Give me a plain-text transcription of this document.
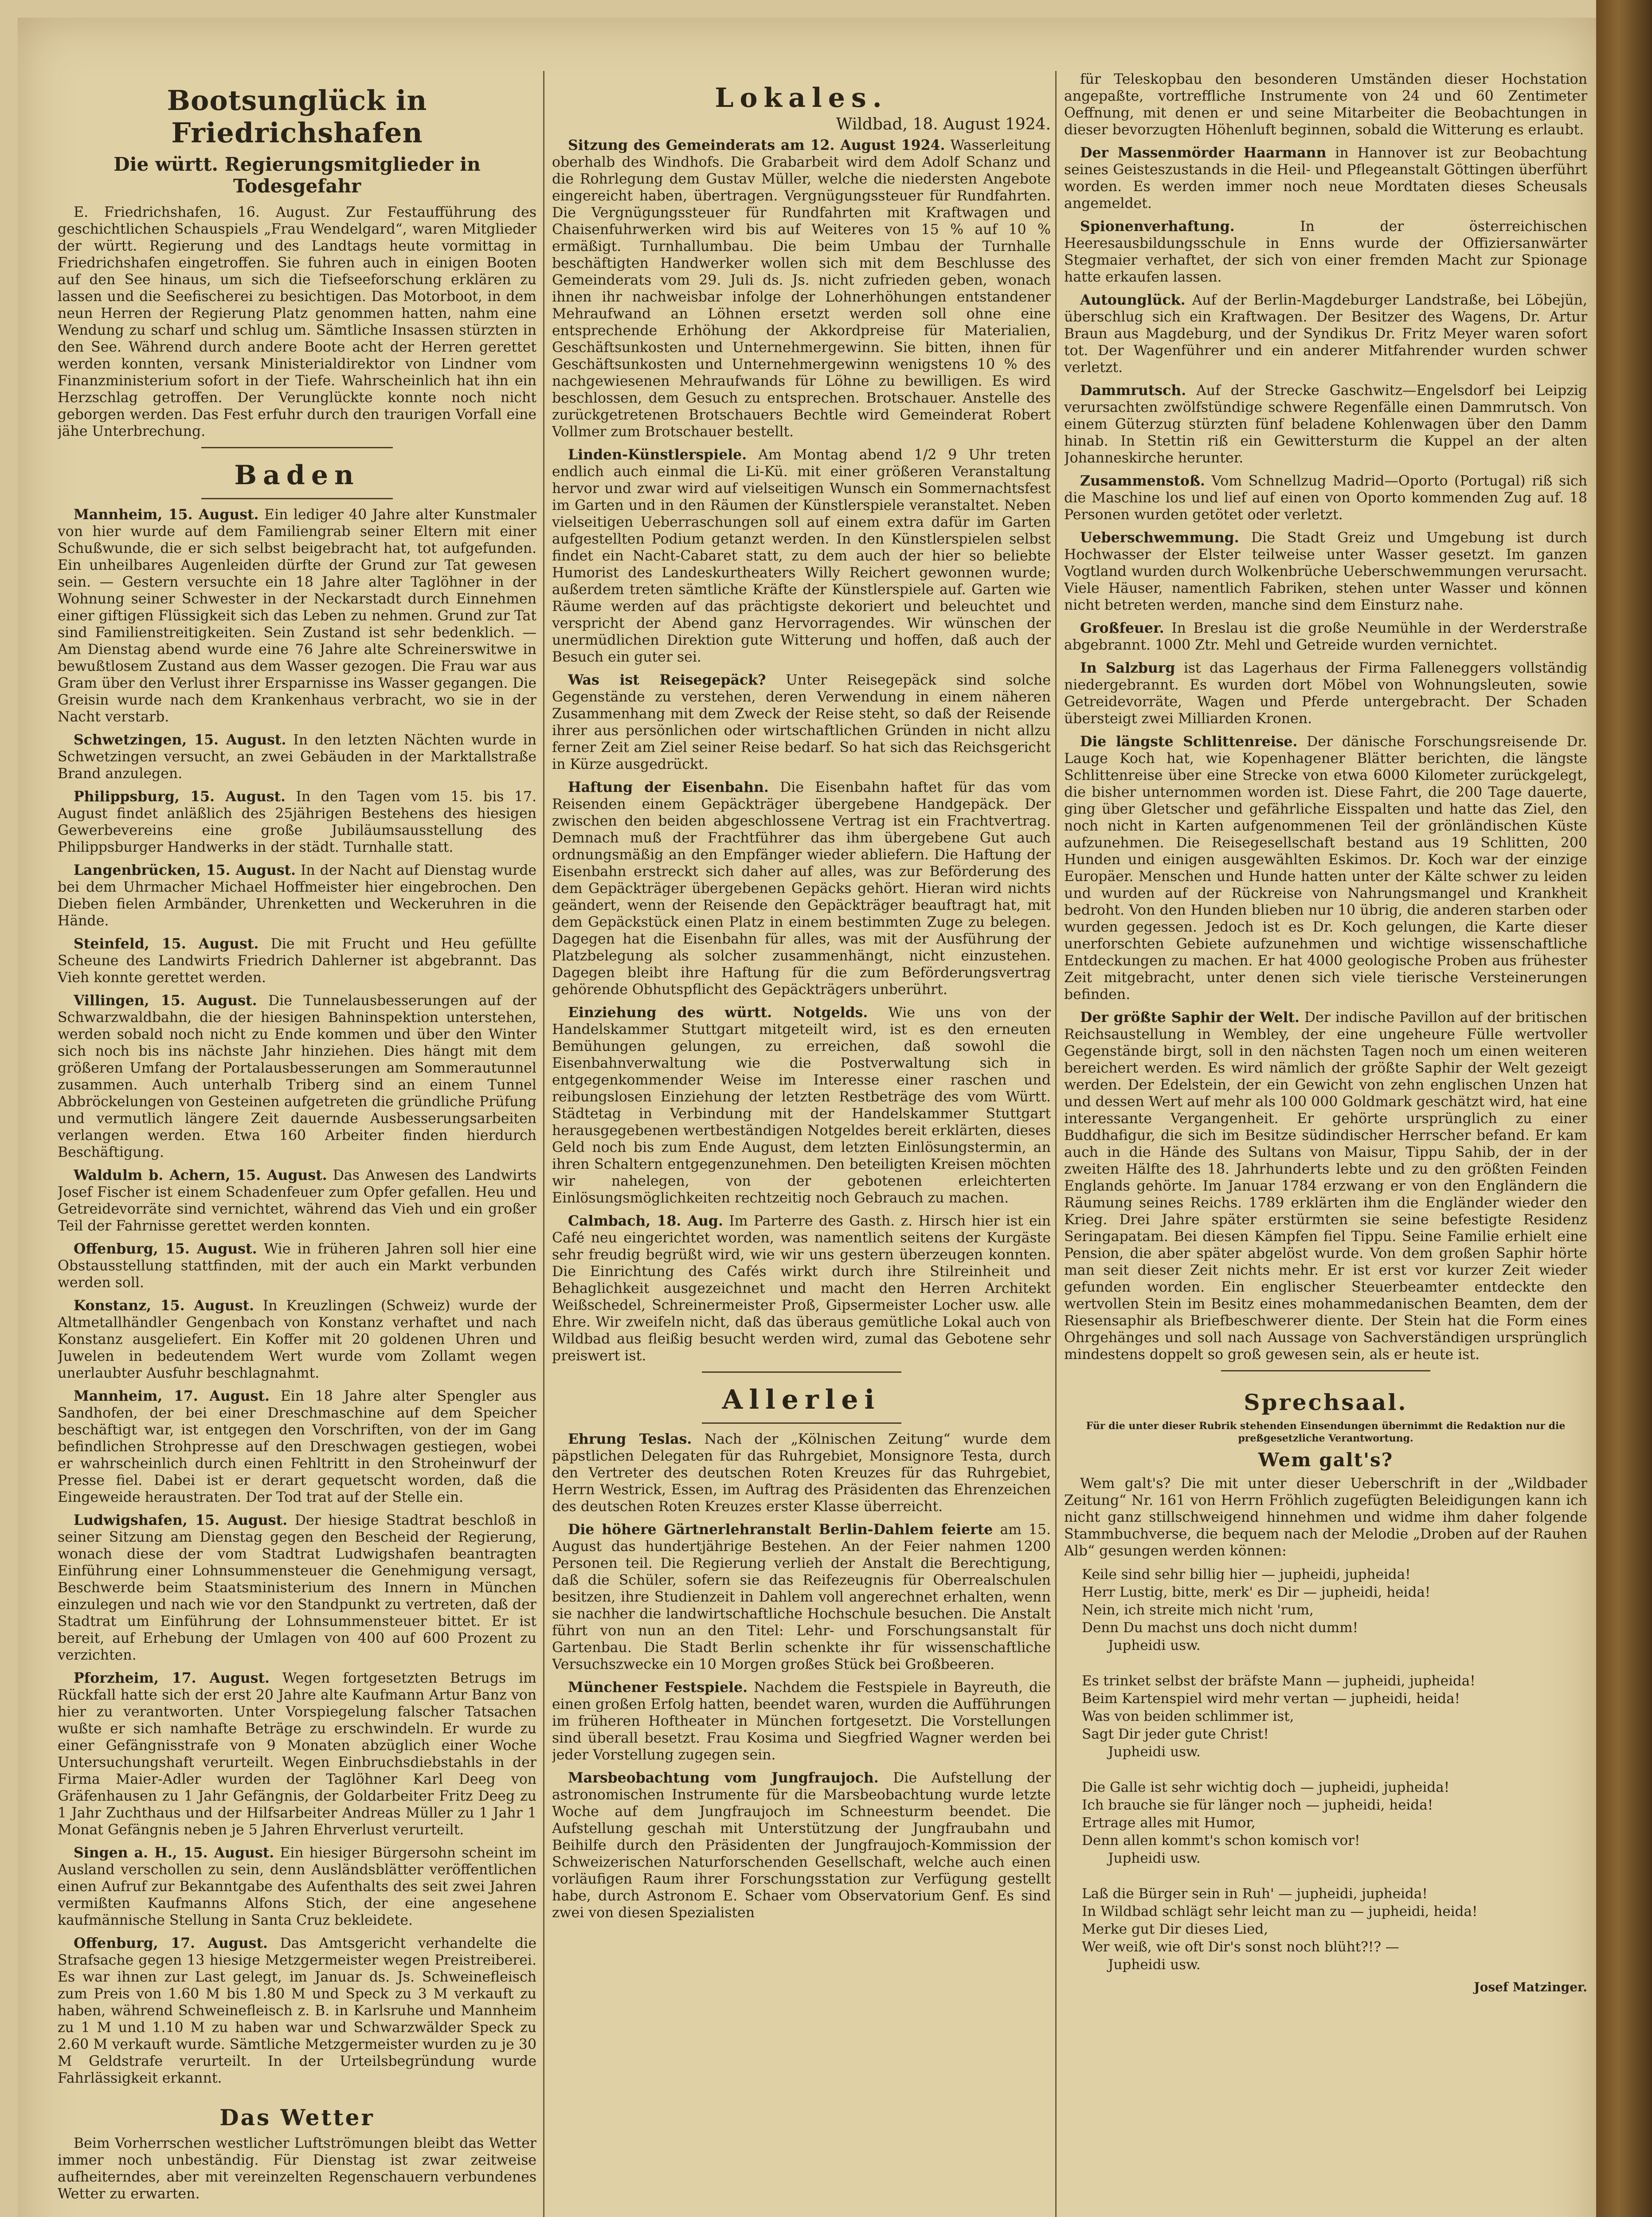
Bootsunglück in Friedrichshafen
Die württ. Regierungsmitglieder in Todesgefahr

E. Friedrichshafen, 16. August. Zur Festaufführung des geschichtlichen Schauspiels „Frau Wendelgard“, waren Mitglieder der württ. Regierung und des Landtags heute vormittag in Friedrichshafen eingetroffen. Sie fuhren auch in einigen Booten auf den See hinaus, um sich die Tiefseeforschung erklären zu lassen und die Seefischerei zu besichtigen. Das Motorboot, in dem neun Herren der Regierung Platz genommen hatten, nahm eine Wendung zu scharf und schlug um. Sämtliche Insassen stürzten in den See. Während durch andere Boote acht der Herren gerettet werden konnten, versank Ministerialdirektor von Lindner vom Finanzministerium sofort in der Tiefe. Wahrscheinlich hat ihn ein Herzschlag getroffen. Der Verunglückte konnte noch nicht geborgen werden. Das Fest erfuhr durch den traurigen Vorfall eine jähe Unterbrechung.

Baden

Mannheim, 15. August. Ein lediger 40 Jahre alter Kunstmaler von hier wurde auf dem Familiengrab seiner Eltern mit einer Schußwunde, die er sich selbst beigebracht hat, tot aufgefunden. Ein unheilbares Augenleiden dürfte der Grund zur Tat gewesen sein. — Gestern versuchte ein 18 Jahre alter Taglöhner in der Wohnung seiner Schwester in der Neckarstadt durch Einnehmen einer giftigen Flüssigkeit sich das Leben zu nehmen. Grund zur Tat sind Familienstreitigkeiten. Sein Zustand ist sehr bedenklich. — Am Dienstag abend wurde eine 76 Jahre alte Schreinerswitwe in bewußtlosem Zustand aus dem Wasser gezogen. Die Frau war aus Gram über den Verlust ihrer Ersparnisse ins Wasser gegangen. Die Greisin wurde nach dem Krankenhaus verbracht, wo sie in der Nacht verstarb.

Schwetzingen, 15. August. In den letzten Nächten wurde in Schwetzingen versucht, an zwei Gebäuden in der Marktallstraße Brand anzulegen.

Philippsburg, 15. August. In den Tagen vom 15. bis 17. August findet anläßlich des 25jährigen Bestehens des hiesigen Gewerbevereins eine große Jubiläumsausstellung des Philippsburger Handwerks in der städt. Turnhalle statt.

Langenbrücken, 15. August. In der Nacht auf Dienstag wurde bei dem Uhrmacher Michael Hoffmeister hier eingebrochen. Den Dieben fielen Armbänder, Uhrenketten und Weckeruhren in die Hände.

Steinfeld, 15. August. Die mit Frucht und Heu gefüllte Scheune des Landwirts Friedrich Dahlerner ist abgebrannt. Das Vieh konnte gerettet werden.

Villingen, 15. August. Die Tunnelausbesserungen auf der Schwarzwaldbahn, die der hiesigen Bahninspektion unterstehen, werden sobald noch nicht zu Ende kommen und über den Winter sich noch bis ins nächste Jahr hinziehen. Dies hängt mit dem größeren Umfang der Portalausbesserungen am Sommerautunnel zusammen. Auch unterhalb Triberg sind an einem Tunnel Abbröckelungen von Gesteinen aufgetreten die gründliche Prüfung und vermutlich längere Zeit dauernde Ausbesserungsarbeiten verlangen werden. Etwa 160 Arbeiter finden hierdurch Beschäftigung.

Waldulm b. Achern, 15. August. Das Anwesen des Landwirts Josef Fischer ist einem Schadenfeuer zum Opfer gefallen. Heu und Getreidevorräte sind vernichtet, während das Vieh und ein großer Teil der Fahrnisse gerettet werden konnten.

Offenburg, 15. August. Wie in früheren Jahren soll hier eine Obstausstellung stattfinden, mit der auch ein Markt verbunden werden soll.

Konstanz, 15. August. In Kreuzlingen (Schweiz) wurde der Altmetallhändler Gengenbach von Konstanz verhaftet und nach Konstanz ausgeliefert. Ein Koffer mit 20 goldenen Uhren und Juwelen in bedeutendem Wert wurde vom Zollamt wegen unerlaubter Ausfuhr beschlagnahmt.

Mannheim, 17. August. Ein 18 Jahre alter Spengler aus Sandhofen, der bei einer Dreschmaschine auf dem Speicher beschäftigt war, ist entgegen den Vorschriften, von der im Gang befindlichen Strohpresse auf den Dreschwagen gestiegen, wobei er wahrscheinlich durch einen Fehltritt in den Stroheinwurf der Presse fiel. Dabei ist er derart gequetscht worden, daß die Eingeweide heraustraten. Der Tod trat auf der Stelle ein.

Ludwigshafen, 15. August. Der hiesige Stadtrat beschloß in seiner Sitzung am Dienstag gegen den Bescheid der Regierung, wonach diese der vom Stadtrat Ludwigshafen beantragten Einführung einer Lohnsummensteuer die Genehmigung versagt, Beschwerde beim Staatsministerium des Innern in München einzulegen und nach wie vor den Standpunkt zu vertreten, daß der Stadtrat um Einführung der Lohnsummensteuer bittet. Er ist bereit, auf Erhebung der Umlagen von 400 auf 600 Prozent zu verzichten.

Pforzheim, 17. August. Wegen fortgesetzten Betrugs im Rückfall hatte sich der erst 20 Jahre alte Kaufmann Artur Banz von hier zu verantworten. Unter Vorspiegelung falscher Tatsachen wußte er sich namhafte Beträge zu erschwindeln. Er wurde zu einer Gefängnisstrafe von 9 Monaten abzüglich einer Woche Untersuchungshaft verurteilt. Wegen Einbruchsdiebstahls in der Firma Maier-Adler wurden der Taglöhner Karl Deeg von Gräfenhausen zu 1 Jahr Gefängnis, der Goldarbeiter Fritz Deeg zu 1 Jahr Zuchthaus und der Hilfsarbeiter Andreas Müller zu 1 Jahr 1 Monat Gefängnis neben je 5 Jahren Ehrverlust verurteilt.

Singen a. H., 15. August. Ein hiesiger Bürgersohn scheint im Ausland verschollen zu sein, denn Ausländsblätter veröffentlichen einen Aufruf zur Bekanntgabe des Aufenthalts des seit zwei Jahren vermißten Kaufmanns Alfons Stich, der eine angesehene kaufmännische Stellung in Santa Cruz bekleidete.

Offenburg, 17. August. Das Amtsgericht verhandelte die Strafsache gegen 13 hiesige Metzgermeister wegen Preistreiberei. Es war ihnen zur Last gelegt, im Januar ds. Js. Schweinefleisch zum Preis von 1.60 M bis 1.80 M und Speck zu 3 M verkauft zu haben, während Schweinefleisch z. B. in Karlsruhe und Mannheim zu 1 M und 1.10 M zu haben war und Schwarzwälder Speck zu 2.60 M verkauft wurde. Sämtliche Metzgermeister wurden zu je 30 M Geldstrafe verurteilt. In der Urteilsbegründung wurde Fahrlässigkeit erkannt.

Das Wetter

Beim Vorherrschen westlicher Luftströmungen bleibt das Wetter immer noch unbeständig. Für Dienstag ist zwar zeitweise aufheiterndes, aber mit vereinzelten Regenschauern verbundenes Wetter zu erwarten.

Lokales.
Wildbad, 18. August 1924.

Sitzung des Gemeinderats am 12. August 1924. Wasserleitung oberhalb des Windhofs. Die Grabarbeit wird dem Adolf Schanz und die Rohrlegung dem Gustav Müller, welche die niedersten Angebote eingereicht haben, übertragen. Vergnügungssteuer für Rundfahrten. Die Vergnügungssteuer für Rundfahrten mit Kraftwagen und Chaisenfuhrwerken wird bis auf Weiteres von 15 % auf 10 % ermäßigt. Turnhallumbau. Die beim Umbau der Turnhalle beschäftigten Handwerker wollen sich mit dem Beschlusse des Gemeinderats vom 29. Juli ds. Js. nicht zufrieden geben, wonach ihnen ihr nachweisbar infolge der Lohnerhöhungen entstandener Mehraufwand an Löhnen ersetzt werden soll ohne eine entsprechende Erhöhung der Akkordpreise für Materialien, Geschäftsunkosten und Unternehmergewinn. Sie bitten, ihnen für Geschäftsunkosten und Unternehmergewinn wenigstens 10 % des nachgewiesenen Mehraufwands für Löhne zu bewilligen. Es wird beschlossen, dem Gesuch zu entsprechen. Brotschauer. Anstelle des zurückgetretenen Brotschauers Bechtle wird Gemeinderat Robert Vollmer zum Brotschauer bestellt.

Linden-Künstlerspiele. Am Montag abend 1/2 9 Uhr treten endlich auch einmal die Li-Kü. mit einer größeren Veranstaltung hervor und zwar wird auf vielseitigen Wunsch ein Sommernachtsfest im Garten und in den Räumen der Künstlerspiele veranstaltet. Neben vielseitigen Ueberraschungen soll auf einem extra dafür im Garten aufgestellten Podium getanzt werden. In den Künstlerspielen selbst findet ein Nacht-Cabaret statt, zu dem auch der hier so beliebte Humorist des Landeskurtheaters Willy Reichert gewonnen wurde; außerdem treten sämtliche Kräfte der Künstlerspiele auf. Garten wie Räume werden auf das prächtigste dekoriert und beleuchtet und verspricht der Abend ganz Hervorragendes. Wir wünschen der unermüdlichen Direktion gute Witterung und hoffen, daß auch der Besuch ein guter sei.

Was ist Reisegepäck? Unter Reisegepäck sind solche Gegenstände zu verstehen, deren Verwendung in einem näheren Zusammenhang mit dem Zweck der Reise steht, so daß der Reisende ihrer aus persönlichen oder wirtschaftlichen Gründen in nicht allzu ferner Zeit am Ziel seiner Reise bedarf. So hat sich das Reichsgericht in Kürze ausgedrückt.

Haftung der Eisenbahn. Die Eisenbahn haftet für das vom Reisenden einem Gepäckträger übergebene Handgepäck. Der zwischen den beiden abgeschlossene Vertrag ist ein Frachtvertrag. Demnach muß der Frachtführer das ihm übergebene Gut auch ordnungsmäßig an den Empfänger wieder abliefern. Die Haftung der Eisenbahn erstreckt sich daher auf alles, was zur Beförderung des dem Gepäckträger übergebenen Gepäcks gehört. Hieran wird nichts geändert, wenn der Reisende den Gepäckträger beauftragt hat, mit dem Gepäckstück einen Platz in einem bestimmten Zuge zu belegen. Dagegen hat die Eisenbahn für alles, was mit der Ausführung der Platzbelegung als solcher zusammenhängt, nicht einzustehen. Dagegen bleibt ihre Haftung für die zum Beförderungsvertrag gehörende Obhutspflicht des Gepäckträgers unberührt.

Einziehung des württ. Notgelds. Wie uns von der Handelskammer Stuttgart mitgeteilt wird, ist es den erneuten Bemühungen gelungen, zu erreichen, daß sowohl die Eisenbahnverwaltung wie die Postverwaltung sich in entgegenkommender Weise im Interesse einer raschen und reibungslosen Einziehung der letzten Restbeträge des vom Württ. Städtetag in Verbindung mit der Handelskammer Stuttgart herausgegebenen wertbeständigen Notgeldes bereit erklärten, dieses Geld noch bis zum Ende August, dem letzten Einlösungstermin, an ihren Schaltern entgegenzunehmen. Den beteiligten Kreisen möchten wir nahelegen, von der gebotenen erleichterten Einlösungsmöglichkeiten rechtzeitig noch Gebrauch zu machen.

Calmbach, 18. Aug. Im Parterre des Gasth. z. Hirsch hier ist ein Café neu eingerichtet worden, was namentlich seitens der Kurgäste sehr freudig begrüßt wird, wie wir uns gestern überzeugen konnten. Die Einrichtung des Cafés wirkt durch ihre Stilreinheit und Behaglichkeit ausgezeichnet und macht den Herren Architekt Weißschedel, Schreinermeister Proß, Gipsermeister Locher usw. alle Ehre. Wir zweifeln nicht, daß das überaus gemütliche Lokal auch von Wildbad aus fleißig besucht werden wird, zumal das Gebotene sehr preiswert ist.

Allerlei

Ehrung Teslas. Nach der „Kölnischen Zeitung“ wurde dem päpstlichen Delegaten für das Ruhrgebiet, Monsignore Testa, durch den Vertreter des deutschen Roten Kreuzes für das Ruhrgebiet, Herrn Westrick, Essen, im Auftrag des Präsidenten das Ehrenzeichen des deutschen Roten Kreuzes erster Klasse überreicht.

Die höhere Gärtnerlehranstalt Berlin-Dahlem feierte am 15. August das hundertjährige Bestehen. An der Feier nahmen 1200 Personen teil. Die Regierung verlieh der Anstalt die Berechtigung, daß die Schüler, sofern sie das Reifezeugnis für Oberrealschulen besitzen, ihre Studienzeit in Dahlem voll angerechnet erhalten, wenn sie nachher die landwirtschaftliche Hochschule besuchen. Die Anstalt führt von nun an den Titel: Lehr- und Forschungsanstalt für Gartenbau. Die Stadt Berlin schenkte ihr für wissenschaftliche Versuchszwecke ein 10 Morgen großes Stück bei Großbeeren.

Münchener Festspiele. Nachdem die Festspiele in Bayreuth, die einen großen Erfolg hatten, beendet waren, wurden die Aufführungen im früheren Hoftheater in München fortgesetzt. Die Vorstellungen sind überall besetzt. Frau Kosima und Siegfried Wagner werden bei jeder Vorstellung zugegen sein.

Marsbeobachtung vom Jungfraujoch. Die Aufstellung der astronomischen Instrumente für die Marsbeobachtung wurde letzte Woche auf dem Jungfraujoch im Schneesturm beendet. Die Aufstellung geschah mit Unterstützung der Jungfraubahn und Beihilfe durch den Präsidenten der Jungfraujoch-Kommission der Schweizerischen Naturforschenden Gesellschaft, welche auch einen vorläufigen Raum ihrer Forschungsstation zur Verfügung gestellt habe, durch Astronom E. Schaer vom Observatorium Genf. Es sind zwei von diesen Spezialisten

für Teleskopbau den besonderen Umständen dieser Hochstation angepaßte, vortreffliche Instrumente von 24 und 60 Zentimeter Oeffnung, mit denen er und seine Mitarbeiter die Beobachtungen in dieser bevorzugten Höhenluft beginnen, sobald die Witterung es erlaubt.

Der Massenmörder Haarmann in Hannover ist zur Beobachtung seines Geisteszustands in die Heil- und Pflegeanstalt Göttingen überführt worden. Es werden immer noch neue Mordtaten dieses Scheusals angemeldet.

Spionenverhaftung.	In der österreichischen Heeresausbildungsschule in Enns wurde der Offiziersanwärter Stegmaier verhaftet, der sich von einer fremden Macht zur Spionage hatte erkaufen lassen.

Autounglück. Auf der Berlin-Magdeburger Landstraße, bei Löbejün, überschlug sich ein Kraftwagen. Der Besitzer des Wagens, Dr. Artur Braun aus Magdeburg, und der Syndikus Dr. Fritz Meyer waren sofort tot. Der Wagenführer und ein anderer Mitfahrender wurden schwer verletzt.

Dammrutsch. Auf der Strecke Gaschwitz—Engelsdorf bei Leipzig verursachten zwölfstündige schwere Regenfälle einen Dammrutsch. Von einem Güterzug stürzten fünf beladene Kohlenwagen über den Damm hinab. In Stettin riß ein Gewittersturm die Kuppel an der alten Johanneskirche herunter.

Zusammenstoß. Vom Schnellzug Madrid—Oporto (Portugal) riß sich die Maschine los und lief auf einen von Oporto kommenden Zug auf. 18 Personen wurden getötet oder verletzt.

Ueberschwemmung. Die Stadt Greiz und Umgebung ist durch Hochwasser der Elster teilweise unter Wasser gesetzt. Im ganzen Vogtland wurden durch Wolkenbrüche Ueberschwemmungen verursacht. Viele Häuser, namentlich Fabriken, stehen unter Wasser und können nicht betreten werden, manche sind dem Einsturz nahe.

Großfeuer. In Breslau ist die große Neumühle in der Werderstraße abgebrannt. 1000 Ztr. Mehl und Getreide wurden vernichtet.

In Salzburg ist das Lagerhaus der Firma Falleneggers vollständig niedergebrannt. Es wurden dort Möbel von Wohnungsleuten, sowie Getreidevorräte, Wagen und Pferde untergebracht. Der Schaden übersteigt zwei Milliarden Kronen.

Die längste Schlittenreise. Der dänische Forschungsreisende Dr. Lauge Koch hat, wie Kopenhagener Blätter berichten, die längste Schlittenreise über eine Strecke von etwa 6000 Kilometer zurückgelegt, die bisher unternommen worden ist. Diese Fahrt, die 200 Tage dauerte, ging über Gletscher und gefährliche Eisspalten und hatte das Ziel, den noch nicht in Karten aufgenommenen Teil der grönländischen Küste aufzunehmen. Die Reisegesellschaft bestand aus 19 Schlitten, 200 Hunden und einigen ausgewählten Eskimos. Dr. Koch war der einzige Europäer. Menschen und Hunde hatten unter der Kälte schwer zu leiden und wurden auf der Rückreise von Nahrungsmangel und Krankheit bedroht. Von den Hunden blieben nur 10 übrig, die anderen starben oder wurden gegessen. Jedoch ist es Dr. Koch gelungen, die Karte dieser unerforschten Gebiete aufzunehmen und wichtige wissenschaftliche Entdeckungen zu machen. Er hat 4000 geologische Proben aus frühester Zeit mitgebracht, unter denen sich viele tierische Versteinerungen befinden.

Der größte Saphir der Welt. Der indische Pavillon auf der britischen Reichsaustellung in Wembley, der eine ungeheure Fülle wertvoller Gegenstände birgt, soll in den nächsten Tagen noch um einen weiteren bereichert werden. Es wird nämlich der größte Saphir der Welt gezeigt werden. Der Edelstein, der ein Gewicht von zehn englischen Unzen hat und dessen Wert auf mehr als 100 000 Goldmark geschätzt wird, hat eine interessante Vergangenheit. Er gehörte ursprünglich zu einer Buddhafigur, die sich im Besitze südindischer Herrscher befand. Er kam auch in die Hände des Sultans von Maisur, Tippu Sahib, der in der zweiten Hälfte des 18. Jahrhunderts lebte und zu den größten Feinden Englands gehörte. Im Januar 1784 erzwang er von den Engländern die Räumung seines Reichs. 1789 erklärten ihm die Engländer wieder den Krieg. Drei Jahre später erstürmten sie seine befestigte Residenz Seringapatam. Bei diesen Kämpfen fiel Tippu. Seine Familie erhielt eine Pension, die aber später abgelöst wurde. Von dem großen Saphir hörte man seit dieser Zeit nichts mehr. Er ist erst vor kurzer Zeit wieder gefunden worden. Ein englischer Steuerbeamter entdeckte den wertvollen Stein im Besitz eines mohammedanischen Beamten, dem der Riesensaphir als Briefbeschwerer diente. Der Stein hat die Form eines Ohrgehänges und soll nach Aussage von Sachverständigen ursprünglich mindestens doppelt so groß gewesen sein, als er heute ist.

Sprechsaal.
Für die unter dieser Rubrik stehenden Einsendungen übernimmt die Redaktion nur die preßgesetzliche Verantwortung.
Wem galt's?

Wem galt's? Die mit unter dieser Ueberschrift in der „Wildbader Zeitung“ Nr. 161 von Herrn Fröhlich zugefügten Beleidigungen kann ich nicht ganz stillschweigend hinnehmen und widme ihm daher folgende Stammbuchverse, die bequem nach der Melodie „Droben auf der Rauhen Alb“ gesungen werden können:

Keile sind sehr billig hier — jupheidi, jupheida!
Herr Lustig, bitte, merk' es Dir — jupheidi, heida!
Nein, ich streite mich nicht 'rum,
Denn Du machst uns doch nicht dumm!
Jupheidi usw.

Es trinket selbst der bräfste Mann — jupheidi, jupheida!
Beim Kartenspiel wird mehr vertan — jupheidi, heida!
Was von beiden schlimmer ist,
Sagt Dir jeder gute Christ!
Jupheidi usw.

Die Galle ist sehr wichtig doch — jupheidi, jupheida!
Ich brauche sie für länger noch — jupheidi, heida!
Ertrage alles mit Humor,
Denn allen kommt's schon komisch vor!
Jupheidi usw.

Laß die Bürger sein in Ruh' — jupheidi, jupheida!
In Wildbad schlägt sehr leicht man zu — jupheidi, heida!
Merke gut Dir dieses Lied,
Wer weiß, wie oft Dir's sonst noch blüht?!? —
Jupheidi usw.
Josef Matzinger.
